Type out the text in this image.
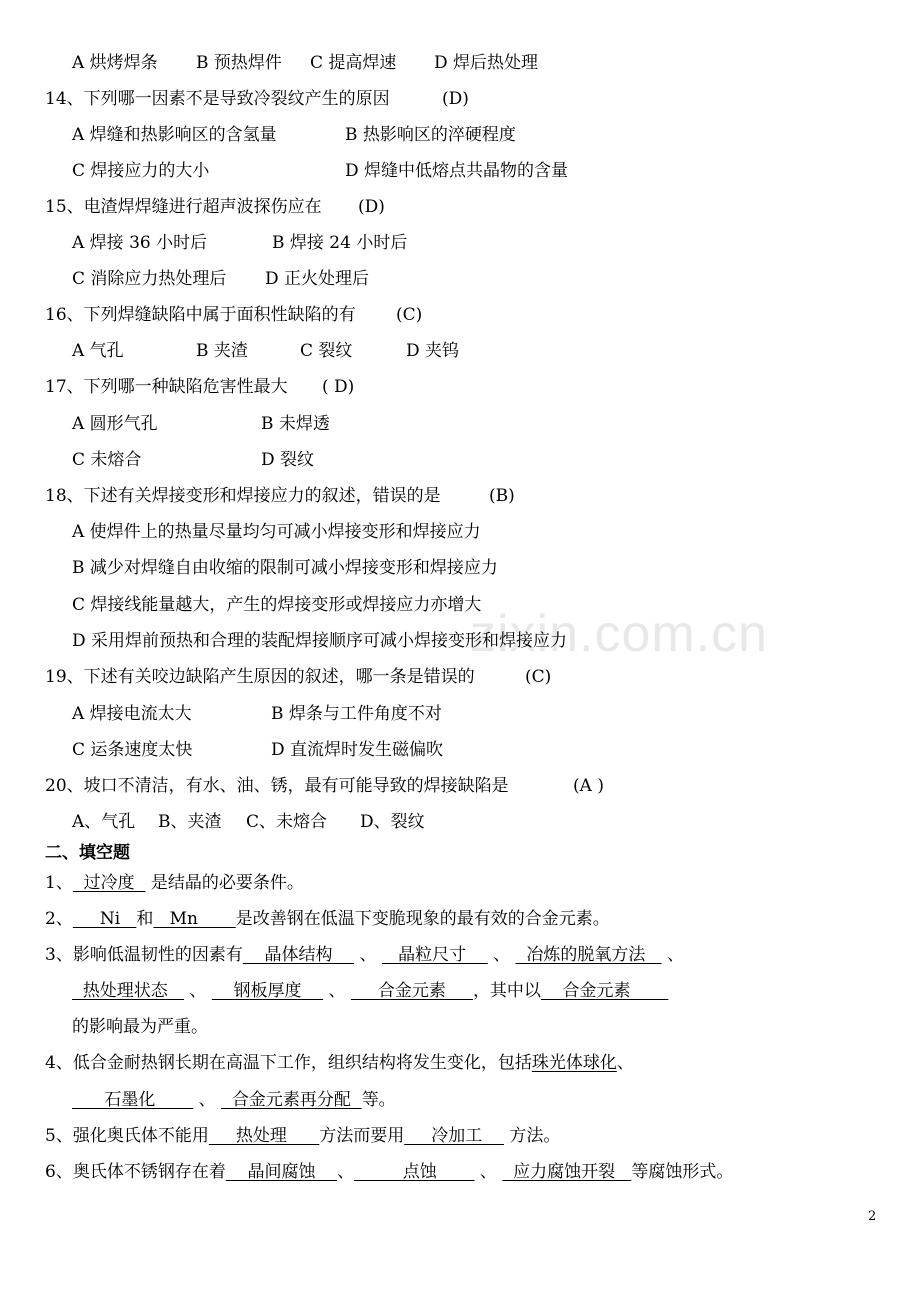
zixin.com.cn
A 烘烤焊条 B 预热焊件 C 提高焊速 D 焊后热处理
14、下列哪一因素不是导致冷裂纹产生的原因	(D)
A 焊缝和热影响区的含氢量	B 热影响区的淬硬程度
C 焊接应力的大小	D 焊缝中低熔点共晶物的含量
15、电渣焊焊缝进行超声波探伤应在 (D)
A 焊接 36 小时后	B 焊接 24 小时后
C 消除应力热处理后 D 正火处理后
16、下列焊缝缺陷中属于面积性缺陷的有 (C)
A 气孔	B 夹渣	C 裂纹	D 夹钨
17、下列哪一种缺陷危害性最大 ( D)
A 圆形气孔	B 未焊透
C 未熔合	D 裂纹
18、下述有关焊接变形和焊接应力的叙述，错误的是	(B)
A 使焊件上的热量尽量均匀可减小焊接变形和焊接应力
B 减少对焊缝自由收缩的限制可减小焊接变形和焊接应力
C 焊接线能量越大，产生的焊接变形或焊接应力亦增大
D 采用焊前预热和合理的装配焊接顺序可减小焊接变形和焊接应力
19、下述有关咬边缺陷产生原因的叙述，哪一条是错误的	(C)
A 焊接电流太大	B 焊条与工件角度不对
C 运条速度太快	D 直流焊时发生磁偏吹
20、坡口不清洁，有水、油、锈，最有可能导致的焊接缺陷是	(A )
A、气孔 B、夹渣 C、未熔合 D、裂纹
二、填空题
1、  过冷度   是结晶的必要条件。
2、     Ni   和   Mn       是改善钢在低温下变脆现象的最有效的合金元素。
3、影响低温韧性的因素有    晶体结构     、    晶粒尺寸     、   冶炼的脱氧方法    、
热处理状态    、     钢板厚度     、      合金元素     ，其中以    合金元素
的影响最为严重。
4、低合金耐热钢长期在高温下工作，组织结构将发生变化，包括珠光体球化、
石墨化        、   合金元素再分配  等。
5、强化奥氏体不能用     热处理      方法而要用     冷加工     方法。
6、奥氏体不锈钢存在着    晶间腐蚀    、         点蚀        、   应力腐蚀开裂   等腐蚀形式。
2
